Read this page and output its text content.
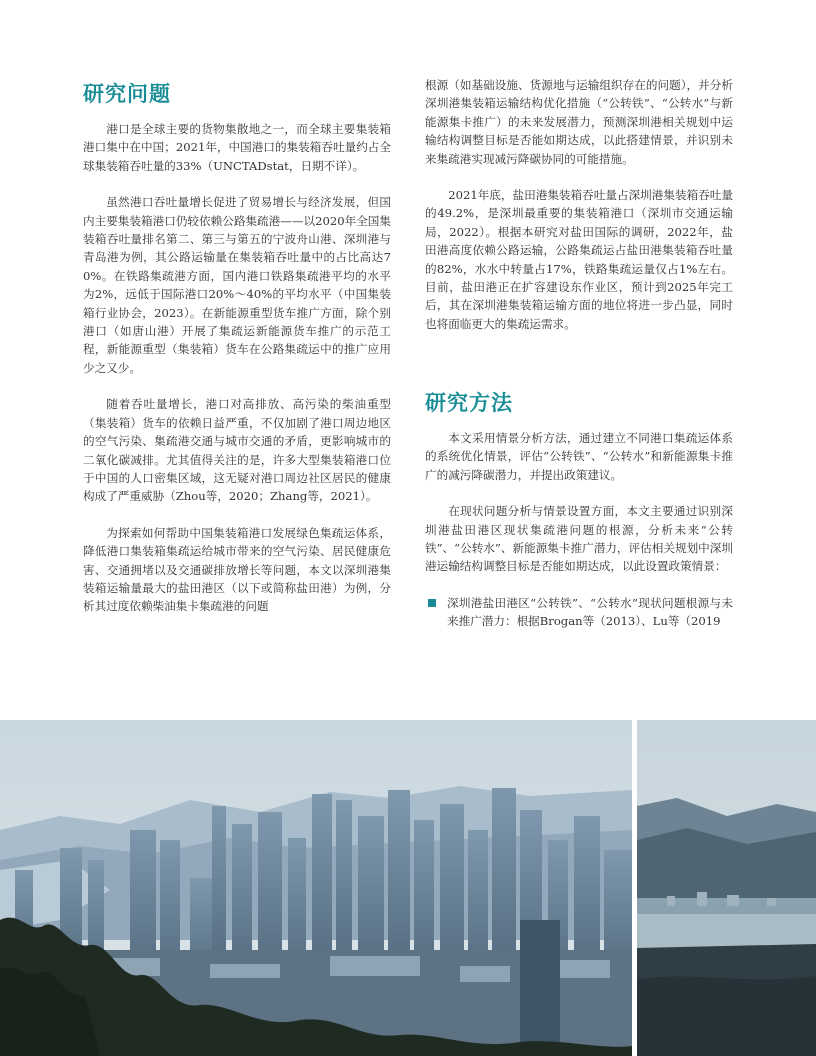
研究问题

港口是全球主要的货物集散地之一，而全球主要集装箱港口集中在中国；2021年，中国港口的集装箱吞吐量约占全球集装箱吞吐量的33%（UNCTADstat，日期不详）。

虽然港口吞吐量增长促进了贸易增长与经济发展，但国内主要集装箱港口仍较依赖公路集疏港——以2020年全国集装箱吞吐量排名第二、第三与第五的宁波舟山港、深圳港与青岛港为例，其公路运输量在集装箱吞吐量中的占比高达70%。在铁路集疏港方面，国内港口铁路集疏港平均的水平为2%，远低于国际港口20%～40%的平均水平（中国集装箱行业协会，2023）。在新能源重型货车推广方面，除个别港口（如唐山港）开展了集疏运新能源货车推广的示范工程，新能源重型（集装箱）货车在公路集疏运中的推广应用少之又少。

随着吞吐量增长，港口对高排放、高污染的柴油重型（集装箱）货车的依赖日益严重，不仅加剧了港口周边地区的空气污染、集疏港交通与城市交通的矛盾，更影响城市的二氧化碳减排。尤其值得关注的是，许多大型集装箱港口位于中国的人口密集区域，这无疑对港口周边社区居民的健康构成了严重威胁（Zhou等，2020；Zhang等，2021）。

为探索如何帮助中国集装箱港口发展绿色集疏运体系，降低港口集装箱集疏运给城市带来的空气污染、居民健康危害、交通拥堵以及交通碳排放增长等问题，本文以深圳港集装箱运输量最大的盐田港区（以下或简称盐田港）为例，分析其过度依赖柴油集卡集疏港的问题

根源（如基础设施、货源地与运输组织存在的问题），并分析深圳港集装箱运输结构优化措施（“公转铁”、“公转水”与新能源集卡推广）的未来发展潜力，预测深圳港相关规划中运输结构调整目标是否能如期达成，以此搭建情景，并识别未来集疏港实现减污降碳协同的可能措施。

2021年底，盐田港集装箱吞吐量占深圳港集装箱吞吐量的49.2%，是深圳最重要的集装箱港口（深圳市交通运输局，2022）。根据本研究对盐田国际的调研，2022年，盐田港高度依赖公路运输，公路集疏运占盐田港集装箱吞吐量的82%，水水中转量占17%，铁路集疏运量仅占1%左右。目前，盐田港正在扩容建设东作业区，预计到2025年完工后，其在深圳港集装箱运输方面的地位将进一步凸显，同时也将面临更大的集疏运需求。

研究方法

本文采用情景分析方法，通过建立不同港口集疏运体系的系统优化情景，评估“公转铁”、“公转水”和新能源集卡推广的减污降碳潜力，并提出政策建议。

在现状问题分析与情景设置方面，本文主要通过识别深圳港盐田港区现状集疏港问题的根源，分析未来“公转铁”、“公转水”、新能源集卡推广潜力，评估相关规划中深圳港运输结构调整目标是否能如期达成，以此设置政策情景：

深圳港盐田港区“公转铁”、“公转水”现状问题根源与未来推广潜力：根据Brogan等（2013）、Lu等（2019
